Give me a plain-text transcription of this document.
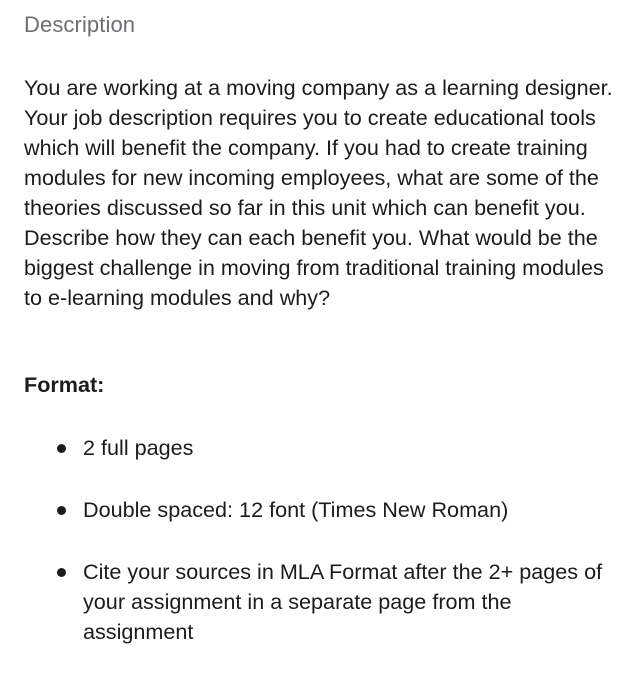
Description

You are working at a moving company as a learning designer. Your job description requires you to create educational tools which will benefit the company. If you had to create training modules for new incoming employees, what are some of the theories discussed so far in this unit which can benefit you. Describe how they can each benefit you. What would be the biggest challenge in moving from traditional training modules to e-learning modules and why?

Format:
2 full pages
Double spaced: 12 font (Times New Roman)
Cite your sources in MLA Format after the 2+ pages of your assignment in a separate page from the assignment
